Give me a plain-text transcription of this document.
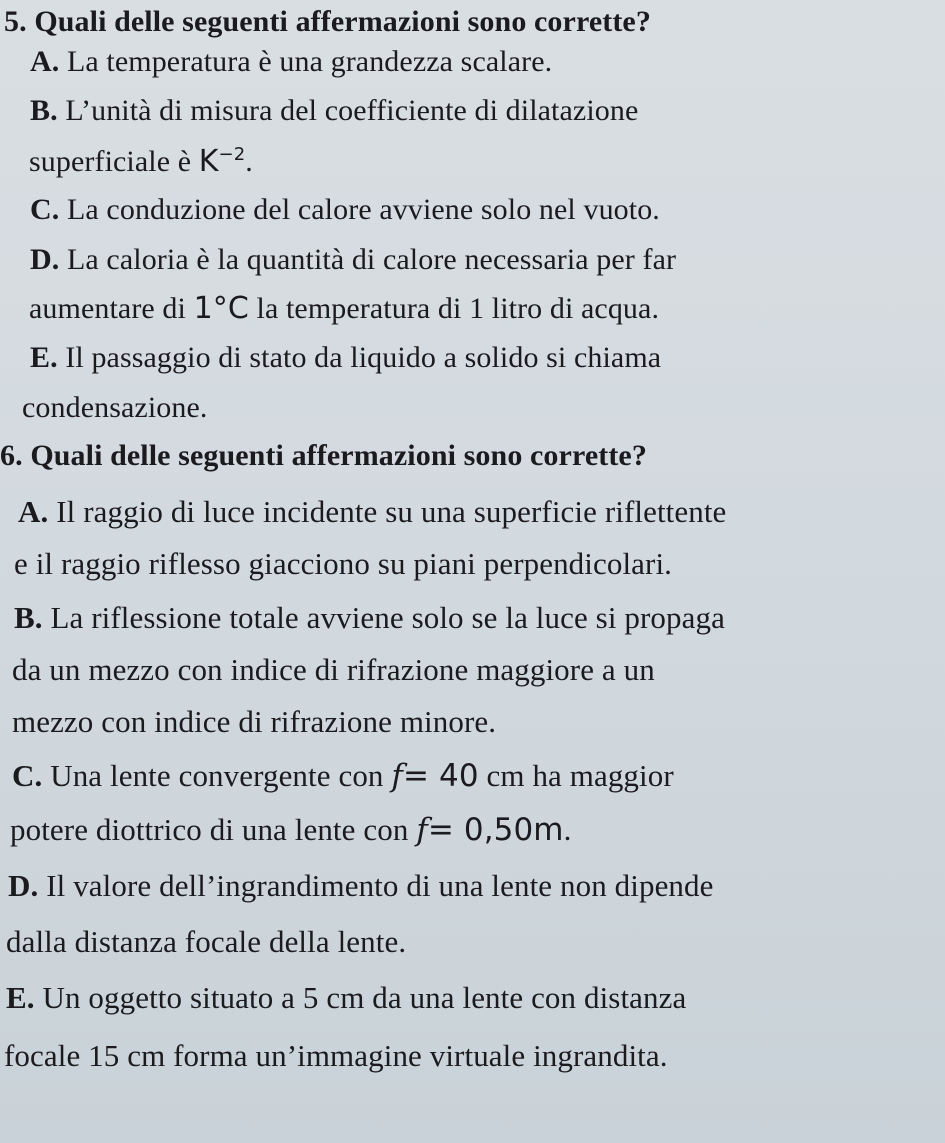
5. Quali delle seguenti affermazioni sono corrette?
A. La temperatura è una grandezza scalare.
B. L’unità di misura del coefficiente di dilatazione
superficiale è $K^{-2}$.
C. La conduzione del calore avviene solo nel vuoto.
D. La caloria è la quantità di calore necessaria per far
aumentare di 1°C la temperatura di 1 litro di acqua.
E. Il passaggio di stato da liquido a solido si chiama
condensazione.
6. Quali delle seguenti affermazioni sono corrette?
A. Il raggio di luce incidente su una superficie riflettente
e il raggio riflesso giacciono su piani perpendicolari.
B. La riflessione totale avviene solo se la luce si propaga
da un mezzo con indice di rifrazione maggiore a un
mezzo con indice di rifrazione minore.
C. Una lente convergente con f= 40 cm ha maggior
potere diottrico di una lente con f= 0,50m.
D. Il valore dell’ingrandimento di una lente non dipende
dalla distanza focale della lente.
E. Un oggetto situato a 5 cm da una lente con distanza
focale 15 cm forma un’immagine virtuale ingrandita.
